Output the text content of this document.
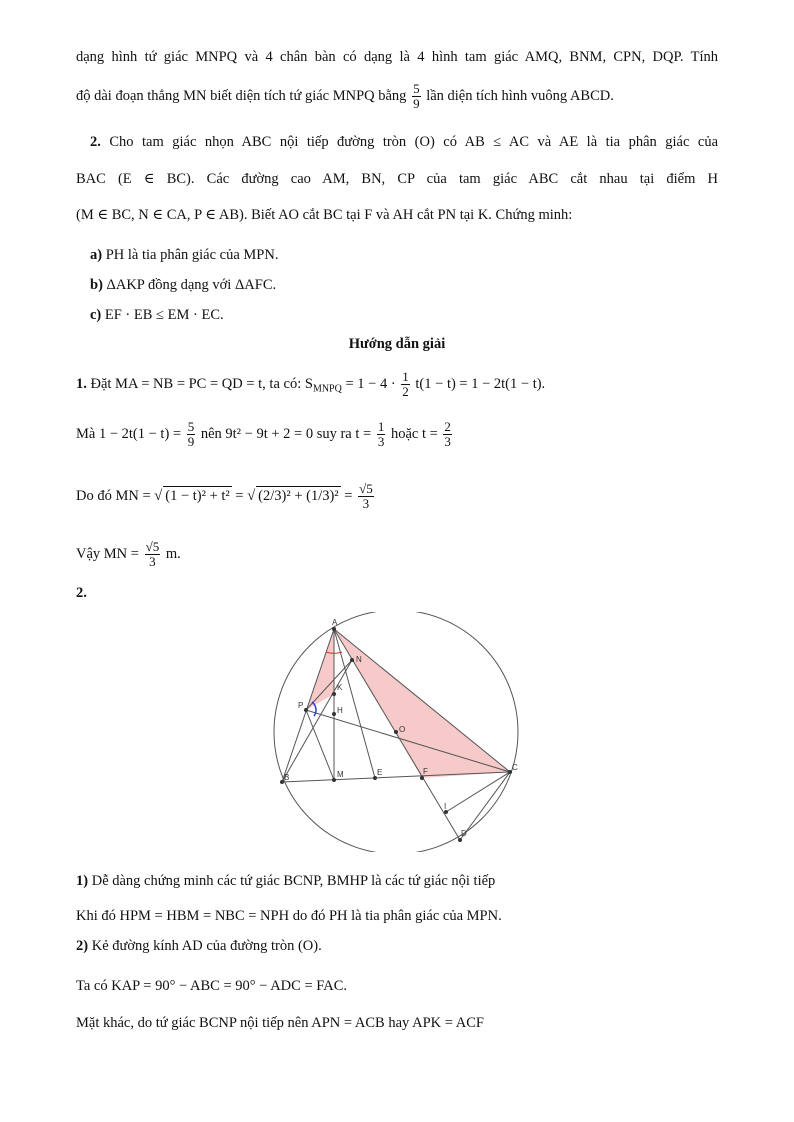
dạng hình tứ giác MNPQ và 4 chân bàn có dạng là 4 hình tam giác AMQ, BNM, CPN, DQP. Tính
độ dài đoạn thẳng MN biết diện tích tứ giác MNPQ bằng $\frac{5}{9}$ lần diện tích hình vuông ABCD.
2. Cho tam giác nhọn ABC nội tiếp đường tròn (O) có AB ≤ AC và AE là tia phân giác của
BAC (E ∈ BC). Các đường cao AM, BN, CP của tam giác ABC cắt nhau tại điểm H
(M ∈ BC, N ∈ CA, P ∈ AB). Biết AO cắt BC tại F và AH cắt PN tại K. Chứng minh:
a) PH là tia phân giác của MPN.
b) ΔAKP đồng dạng với ΔAFC.
c) EF · EB ≤ EM · EC.
Hướng dẫn giải
1. Đặt MA = NB = PC = QD = t, ta có: $S_{MNPQ} = 1 - 4 \cdot \frac{1}{2} t(1 - t) = 1 - 2t(1 - t)$.
Mà $1 - 2t(1 - t) = \frac{5}{9}$ nên 9t² − 9t + 2 = 0 suy ra $t = \frac{1}{3}$ hoặc $t = \frac{2}{3}$
Do đó MN = √ (1 − t)² + t² = √ $(2/3)^2 + (1/3)^2 = \frac{√5}{3}$
Vậy MN = $\frac{√5}{3} m$.
2.
A
N
K
P
H
O
B	M	E	F	C
I
D
1) Dễ dàng chứng minh các tứ giác BCNP, BMHP là các tứ giác nội tiếp
Khi đó HPM = HBM = NBC = NPH do đó PH là tia phân giác của MPN.
2) Kẻ đường kính AD của đường tròn (O).
Ta có KAP = 90° − ABC = 90° − ADC = FAC.
Mặt khác, do tứ giác BCNP nội tiếp nên APN = ACB hay APK = ACF
